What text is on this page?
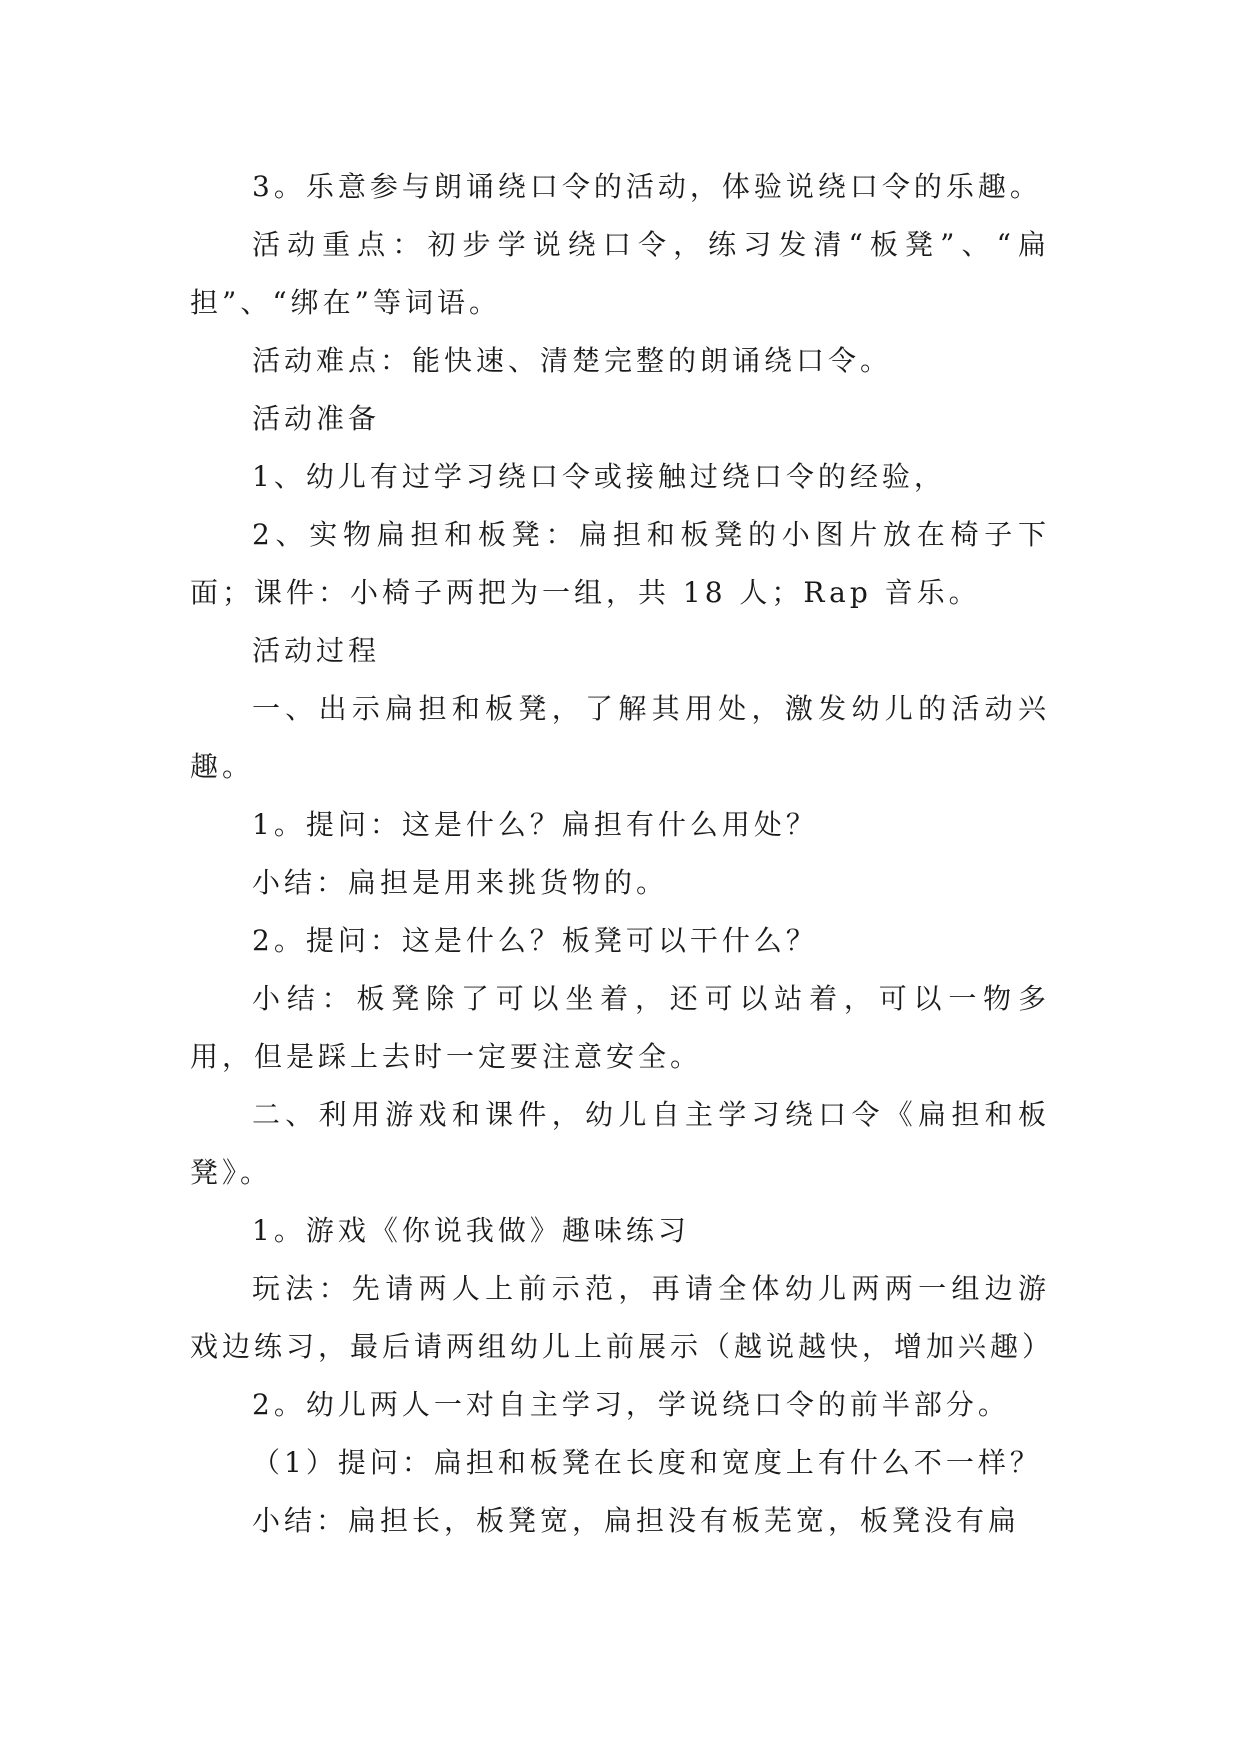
3。乐意参与朗诵绕口令的活动，体验说绕口令的乐趣。

活动重点：初步学说绕口令，练习发清“板凳”、“扁担”、“绑在”等词语。

活动难点：能快速、清楚完整的朗诵绕口令。

活动准备

1、幼儿有过学习绕口令或接触过绕口令的经验，

2、实物扁担和板凳：扁担和板凳的小图片放在椅子下面；课件：小椅子两把为一组，共 18 人；Rap 音乐。

活动过程

一、出示扁担和板凳，了解其用处，激发幼儿的活动兴趣。

1。提问：这是什么？扁担有什么用处？

小结：扁担是用来挑货物的。

2。提问：这是什么？板凳可以干什么？

小结：板凳除了可以坐着，还可以站着，可以一物多用，但是踩上去时一定要注意安全。

二、利用游戏和课件，幼儿自主学习绕口令《扁担和板凳》。

1。游戏《你说我做》趣味练习

玩法：先请两人上前示范，再请全体幼儿两两一组边游戏边练习，最后请两组幼儿上前展示（越说越快，增加兴趣）

2。幼儿两人一对自主学习，学说绕口令的前半部分。

（1）提问：扁担和板凳在长度和宽度上有什么不一样？

小结：扁担长，板凳宽，扁担没有板芜宽，板凳没有扁
